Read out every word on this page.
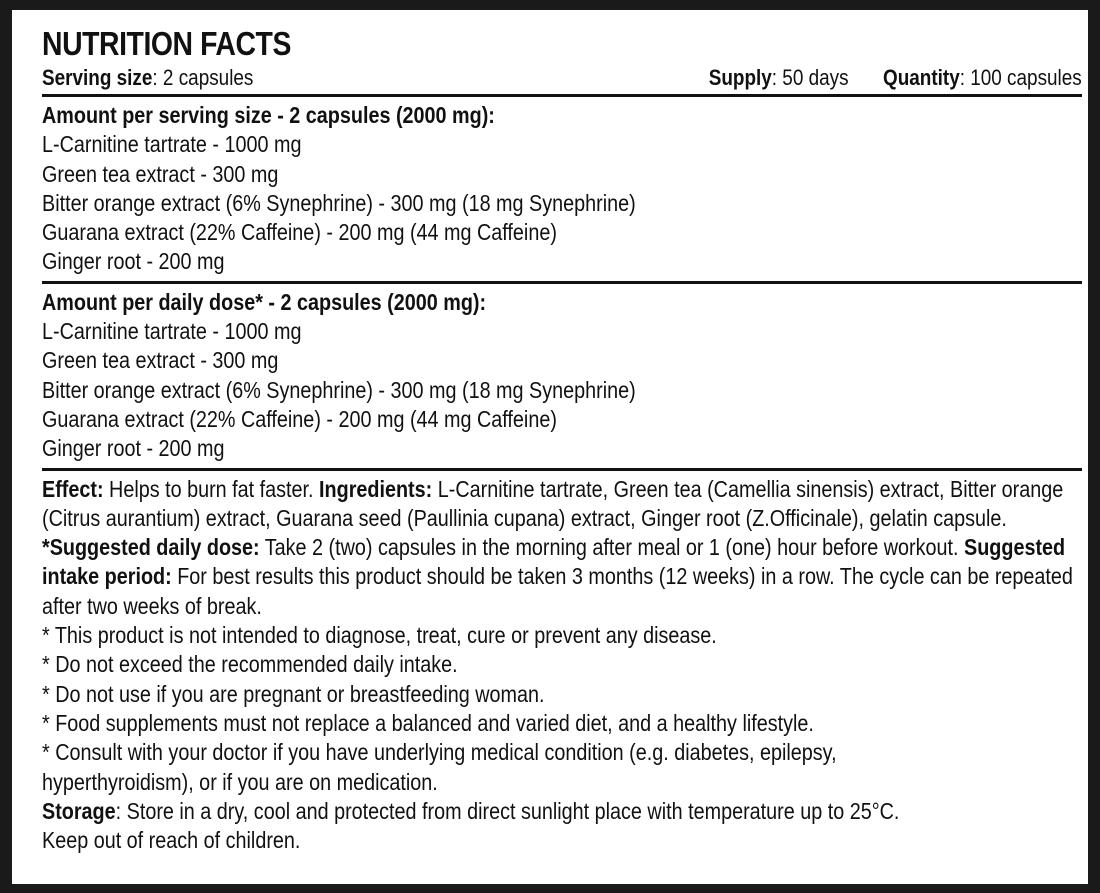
NUTRITION FACTS
Serving size: 2 capsules	Supply: 50 days Quantity: 100 capsules
Amount per serving size - 2 capsules (2000 mg):
L-Carnitine tartrate - 1000 mg
Green tea extract - 300 mg
Bitter orange extract (6% Synephrine) - 300 mg (18 mg Synephrine)
Guarana extract (22% Caffeine) - 200 mg (44 mg Caffeine)
Ginger root - 200 mg
Amount per daily dose* - 2 capsules (2000 mg):
L-Carnitine tartrate - 1000 mg
Green tea extract - 300 mg
Bitter orange extract (6% Synephrine) - 300 mg (18 mg Synephrine)
Guarana extract (22% Caffeine) - 200 mg (44 mg Caffeine)
Ginger root - 200 mg
Effect: Helps to burn fat faster. Ingredients: L-Carnitine tartrate, Green tea (Camellia sinensis) extract, Bitter orange (Citrus aurantium) extract, Guarana seed (Paullinia cupana) extract, Ginger root (Z.Officinale), gelatin capsule. *Suggested daily dose: Take 2 (two) capsules in the morning after meal or 1 (one) hour before workout. Suggested intake period: For best results this product should be taken 3 months (12 weeks) in a row. The cycle can be repeated after two weeks of break.
* This product is not intended to diagnose, treat, cure or prevent any disease.
* Do not exceed the recommended daily intake.
* Do not use if you are pregnant or breastfeeding woman.
* Food supplements must not replace a balanced and varied diet, and a healthy lifestyle.
* Consult with your doctor if you have underlying medical condition (e.g. diabetes, epilepsy,
hyperthyroidism), or if you are on medication.
Storage: Store in a dry, cool and protected from direct sunlight place with temperature up to 25°C.
Keep out of reach of children.
